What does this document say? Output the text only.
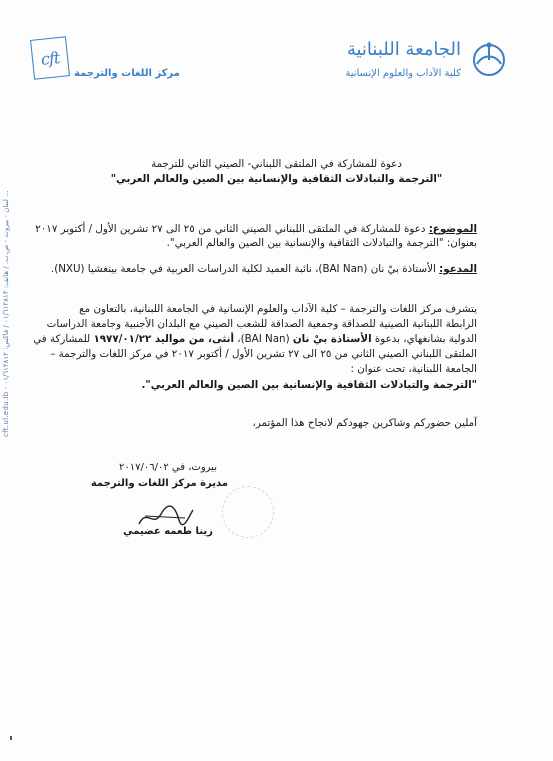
cft
مركز اللغات والترجمة
الجامعة اللبنانية
كلية الآداب والعلوم الإنسانية
... لبنان - بيروت - ص.ب. / هاتف: ٠١/٦١٢٨١٣ / فاكس: ٠١/٦١٢٨١٢ - cft.ul.edu.lb
دعوة للمشاركة في الملتقى اللبناني- الصيني الثاني للترجمة
"الترجمة والتبادلات الثقافية والإنسانية بين الصين والعالم العربي"
الموضوع: دعوة للمشاركة في الملتقى اللبناني الصيني الثاني من ٢٥ الى ٢٧ تشرين الأول / أكتوبر ٢٠١٧
بعنوان: "الترجمة والتبادلات الثقافية والإنسانية بين الصين والعالم العربي".
المدعو: الأستاذة بيْ نان (BAI Nan)، نائبة العميد لكلية الدراسات العربية في جامعة بينغشيا (NXU).
يتشرف مركز اللغات والترجمة – كلية الآداب والعلوم الإنسانية في الجامعة اللبنانية، بالتعاون مع
الرابطة اللبنانية الصينية للصداقة وجمعية الصداقة للشعب الصيني مع البلدان الأجنبية وجامعة الدراسات
الدولية بشانغهاي، بدعوة الأستاذة بيْ نان (BAI Nan)، أنثى، من مواليد ١٩٧٧/٠١/٢٢ للمشاركة في
الملتقى اللبناني الصيني الثاني من ٢٥ الى ٢٧ تشرين الأول / أكتوبر ٢٠١٧ في مركز اللغات والترجمة –
الجامعة اللبنانية، تحت عنوان :
"الترجمة والتبادلات الثقافية والإنسانية بين الصين والعالم العربي".
آملين حضوركم وشاكرين جهودكم لانجاح هذا المؤتمر،
بيروت، في ٢٠١٧/٠٦/٠٢
مديرة مركز اللغات والترجمة
زينا طعمه عضيمي
